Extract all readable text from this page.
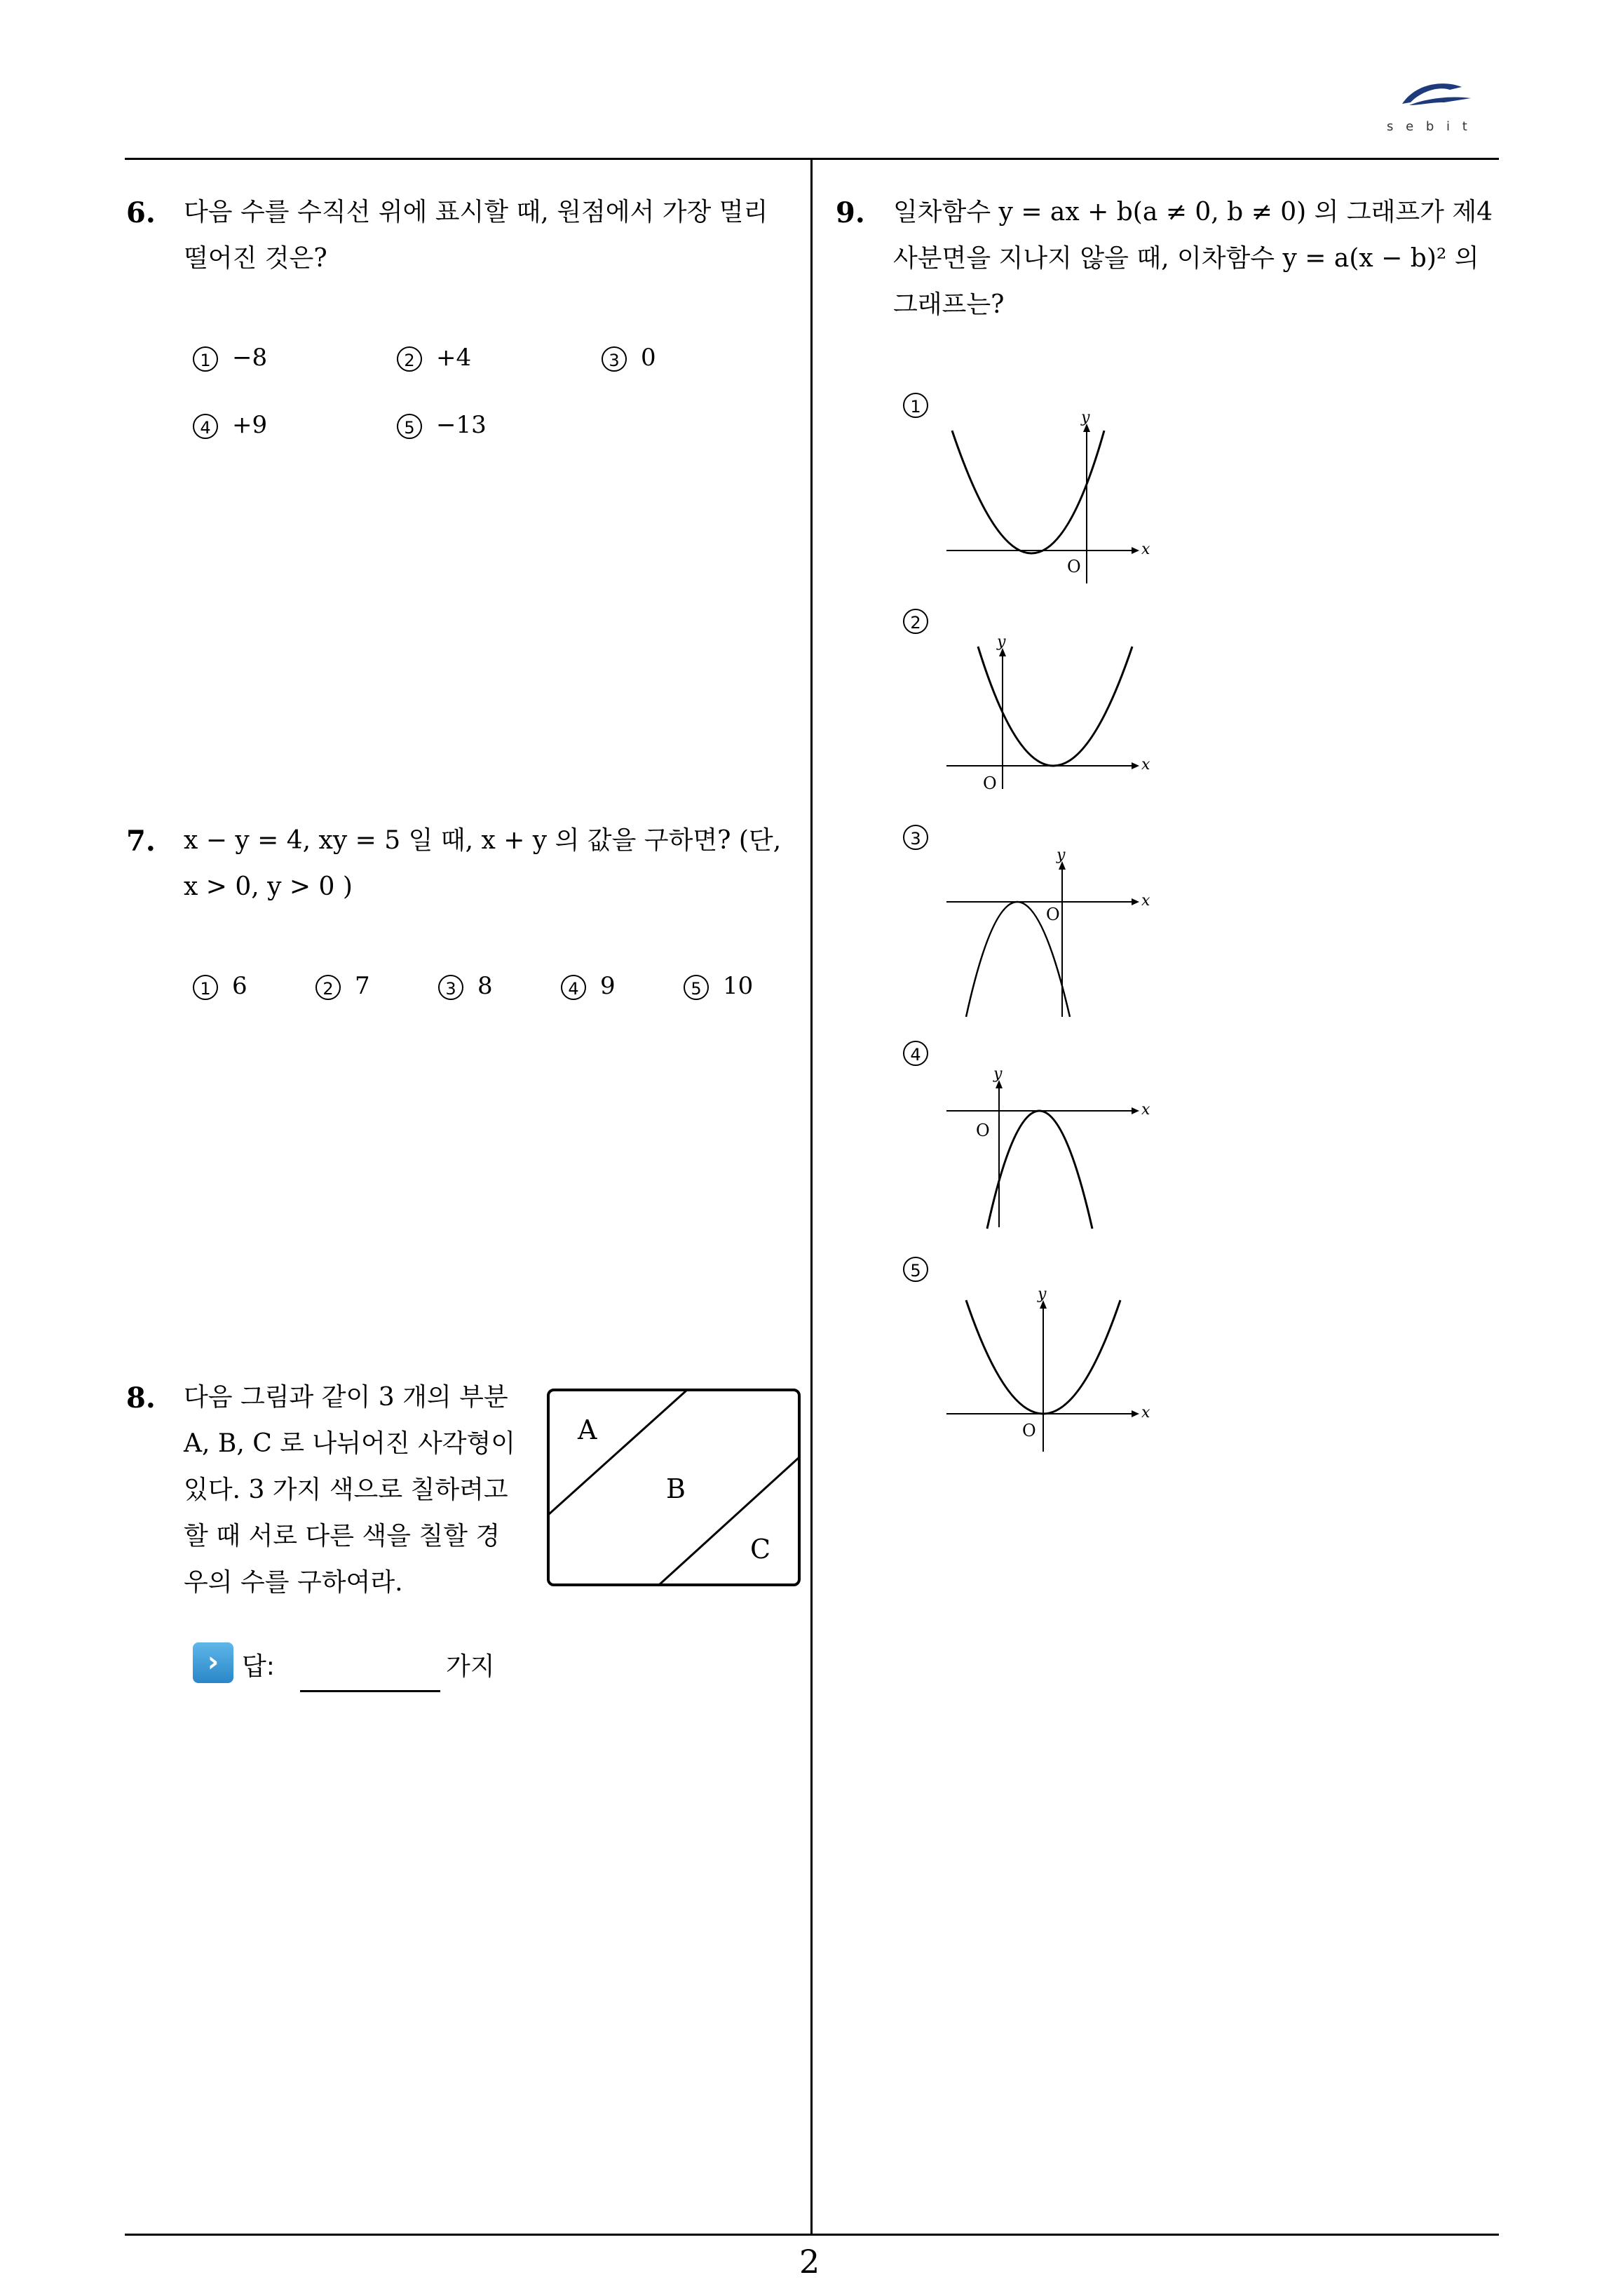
s e b i t
2
6. 다음 수를 수직선 위에 표시할 때, 원점에서 가장 멀리
떨어진 것은?
1 −8	2 +4	3 0
4 +9	5 −13
7. x − y = 4, xy = 5 일 때, x + y 의 값을 구하면? (단,
x > 0, y > 0 )
1 6	2 7	3 8	4 9	5 10
8. 다음 그림과 같이 3 개의 부분
A, B, C 로 나뉘어진 사각형이
있다. 3 가지 색으로 칠하려고
할 때 서로 다른 색을 칠할 경
우의 수를 구하여라.
A
B
C
› 답:	가지
9. 일차함수 y = ax + b(a ≠ 0, b ≠ 0) 의 그래프가 제4
사분면을 지나지 않을 때, 이차함수 y = a(x − b)² 의
그래프는?
1
x
y
O
2
x
y
O
3
x
y
O
4
x
y
O
5
x
y
O
